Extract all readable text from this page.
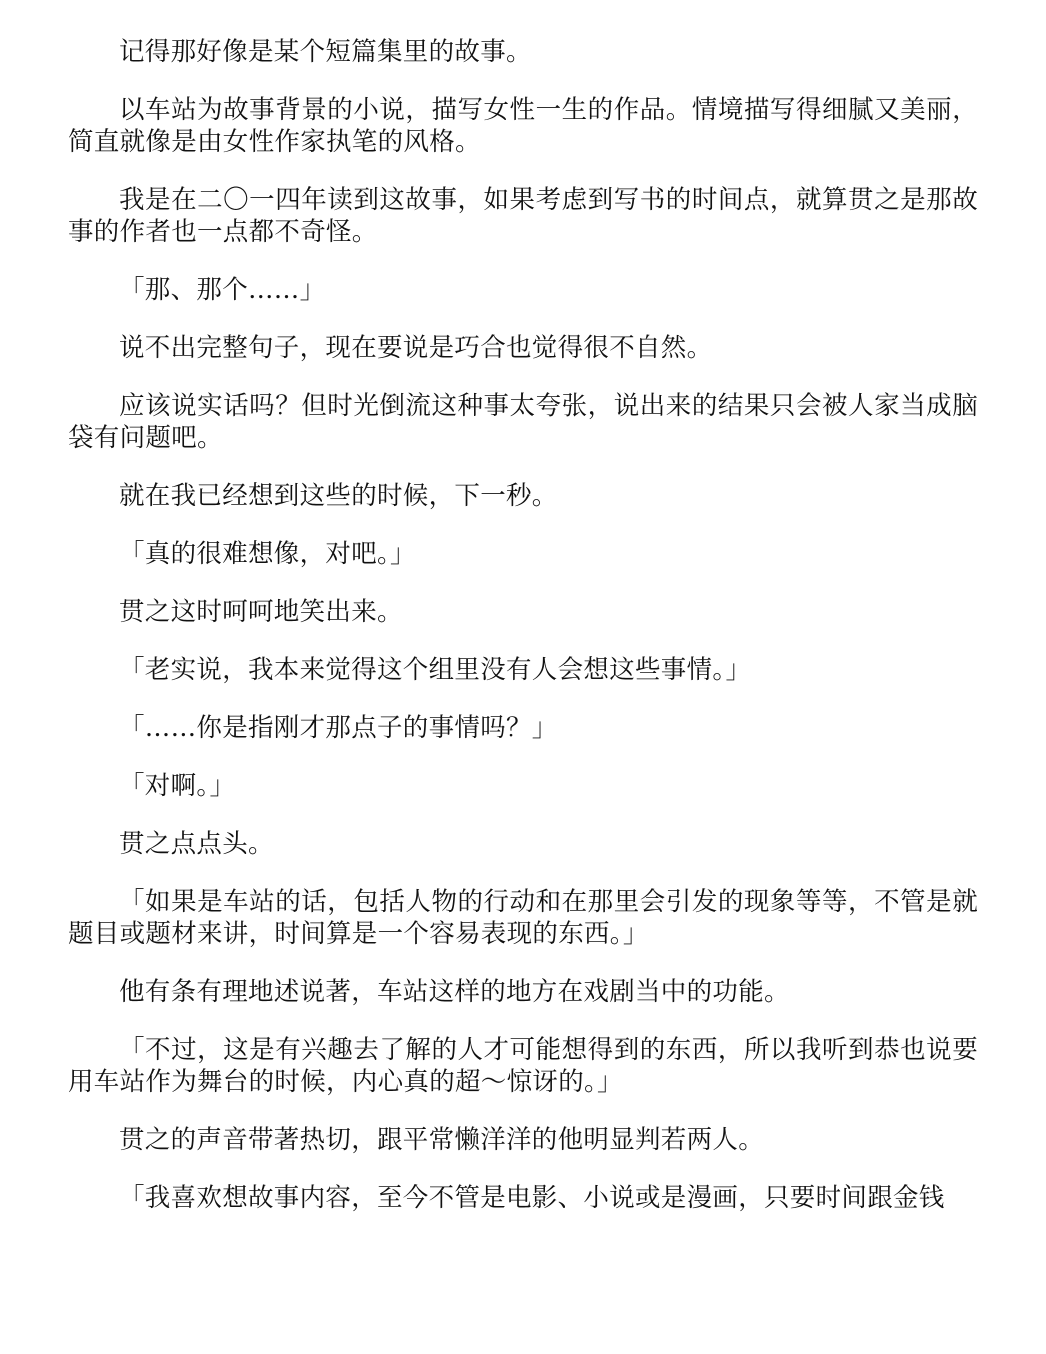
记得那好像是某个短篇集里的故事。

以车站为故事背景的小说，描写女性一生的作品。情境描写得细腻又美丽，简直就像是由女性作家执笔的风格。

我是在二〇一四年读到这故事，如果考虑到写书的时间点，就算贯之是那故事的作者也一点都不奇怪。

「那、那个……」

说不出完整句子，现在要说是巧合也觉得很不自然。

应该说实话吗？但时光倒流这种事太夸张，说出来的结果只会被人家当成脑袋有问题吧。

就在我已经想到这些的时候，下一秒。

「真的很难想像，对吧。」

贯之这时呵呵地笑出来。

「老实说，我本来觉得这个组里没有人会想这些事情。」

「……你是指刚才那点子的事情吗？」

「对啊。」

贯之点点头。

「如果是车站的话，包括人物的行动和在那里会引发的现象等等，不管是就题目或题材来讲，时间算是一个容易表现的东西。」

他有条有理地述说著，车站这样的地方在戏剧当中的功能。

「不过，这是有兴趣去了解的人才可能想得到的东西，所以我听到恭也说要用车站作为舞台的时候，内心真的超～惊讶的。」

贯之的声音带著热切，跟平常懒洋洋的他明显判若两人。

「我喜欢想故事内容，至今不管是电影、小说或是漫画，只要时间跟金钱
